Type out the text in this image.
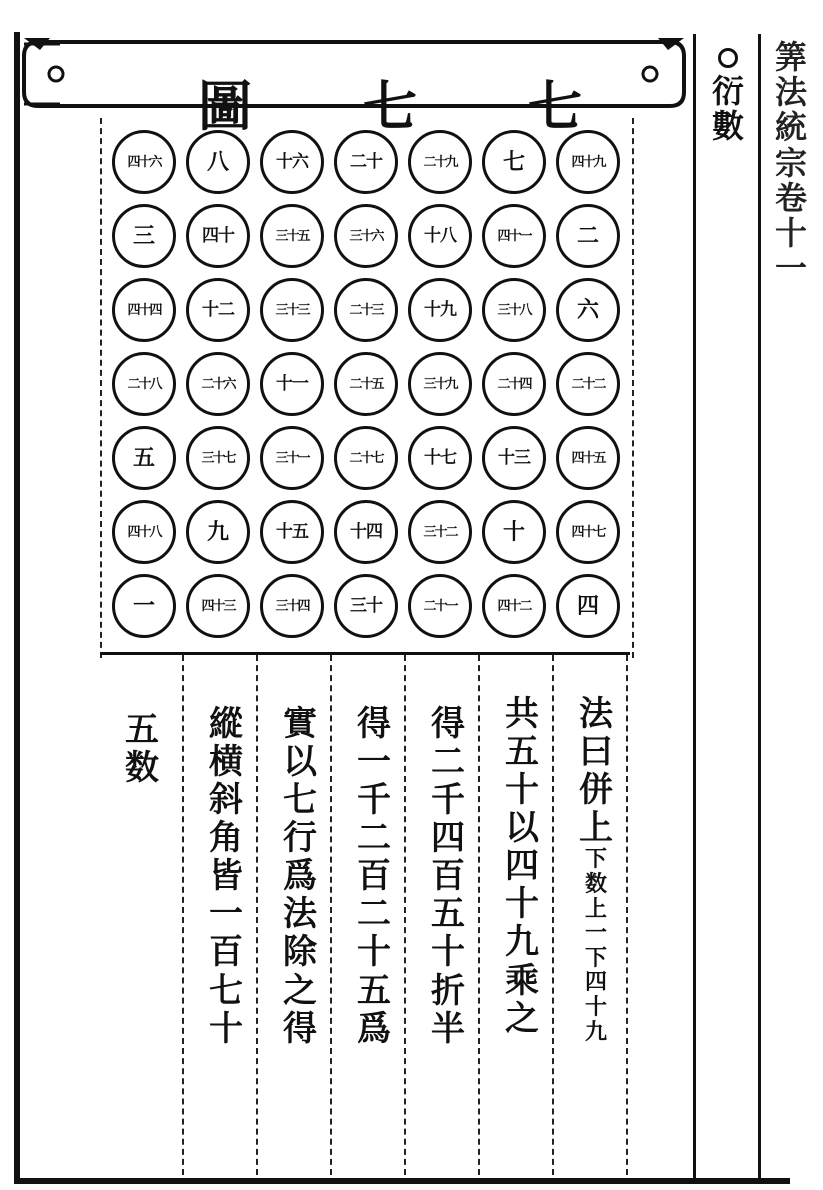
圖	七	七	衍
數
筭
法
統
宗
卷
十
一
四十六	八	十六	二十	二十九	七	四十九
三	四十	三十五	三十六	十八	四十一	二
四十四	十二	三十三	二十三	十九	三十八	六
二十八	二十六	十一	二十五	三十九	二十四	二十二
五	三十七	三十一	二十七	十七	十三	四十五
四十八	九	十五	十四	三十二	十	四十七
一	四十三	三十四	三十	二十一	四十二	四
法
曰
併
上
下
数
上
一
下
四
十
九
共
五
十
以
四
十
九
乘
之
得
二
千
四
百
五
十
折
半
得
一
千
二
百
二
十
五
爲
實
以
七
行
爲
法
除
之
得
縱
横
斜
角
皆
一
百
七
十
五
数
